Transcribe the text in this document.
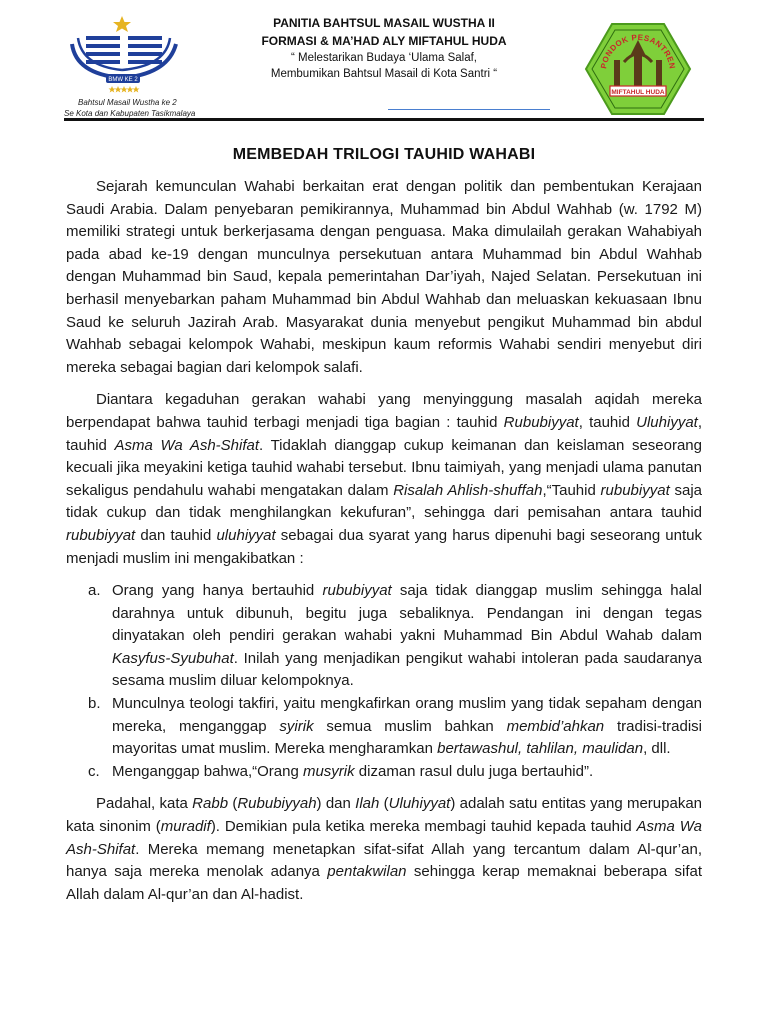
BMW KE 2
Bahtsul Masail Wustha ke 2
Se Kota dan Kabupaten Tasikmalaya
PANITIA BAHTSUL MASAIL WUSTHA II
FORMASI & MA’HAD ALY MIFTAHUL HUDA
“ Melestarikan Budaya ‘Ulama Salaf,
Membumikan Bahtsul Masail di Kota Santri “
PONDOK PESANTREN
MIFTAHUL HUDA
MEMBEDAH TRILOGI TAUHID WAHABI

Sejarah kemunculan Wahabi berkaitan erat dengan politik dan pembentukan Kerajaan Saudi Arabia. Dalam penyebaran pemikirannya, Muhammad bin Abdul Wahhab (w. 1792 M) memiliki strategi untuk berkerjasama dengan penguasa. Maka dimulailah gerakan Wahabiyah pada abad ke-19 dengan munculnya persekutuan antara Muhammad bin Abdul Wahhab dengan Muhammad bin Saud, kepala pemerintahan Dar’iyah, Najed Selatan. Persekutuan ini berhasil menyebarkan paham Muhammad bin Abdul Wahhab dan meluaskan kekuasaan Ibnu Saud ke seluruh Jazirah Arab. Masyarakat dunia menyebut pengikut Muhammad bin abdul Wahhab sebagai kelompok Wahabi, meskipun kaum reformis Wahabi sendiri menyebut diri mereka sebagai bagian dari kelompok salafi.

Diantara kegaduhan gerakan wahabi yang menyinggung masalah aqidah mereka berpendapat bahwa tauhid terbagi menjadi tiga bagian : tauhid Rububiyyat, tauhid Uluhiyyat, tauhid Asma Wa Ash-Shifat. Tidaklah dianggap cukup keimanan dan keislaman seseorang kecuali jika meyakini ketiga tauhid wahabi tersebut. Ibnu taimiyah, yang menjadi ulama panutan sekaligus pendahulu wahabi mengatakan dalam Risalah Ahlish-shuffah,“Tauhid rububiyyat saja tidak cukup dan tidak menghilangkan kekufuran”, sehingga dari pemisahan antara tauhid rububiyyat dan tauhid uluhiyyat sebagai dua syarat yang harus dipenuhi bagi seseorang untuk menjadi muslim ini mengakibatkan :

a. Orang yang hanya bertauhid rububiyyat saja tidak dianggap muslim sehingga halal darahnya untuk dibunuh, begitu juga sebaliknya. Pendangan ini dengan tegas dinyatakan oleh pendiri gerakan wahabi yakni Muhammad Bin Abdul Wahab dalam Kasyfus-Syubuhat. Inilah yang menjadikan pengikut wahabi intoleran pada saudaranya sesama muslim diluar kelompoknya.
b. Munculnya teologi takfiri, yaitu mengkafirkan orang muslim yang tidak sepaham dengan mereka, menganggap syirik semua muslim bahkan membid’ahkan tradisi-tradisi mayoritas umat muslim. Mereka mengharamkan bertawashul, tahlilan, maulidan, dll.
c. Menganggap bahwa,“Orang musyrik dizaman rasul dulu juga bertauhid”.

Padahal, kata Rabb (Rububiyyah) dan Ilah (Uluhiyyat) adalah satu entitas yang merupakan kata sinonim (muradif). Demikian pula ketika mereka membagi tauhid kepada tauhid Asma Wa Ash-Shifat. Mereka memang menetapkan sifat-sifat Allah yang tercantum dalam Al-qur’an, hanya saja mereka menolak adanya pentakwilan sehingga kerap memaknai beberapa sifat Allah dalam Al-qur’an dan Al-hadist.
